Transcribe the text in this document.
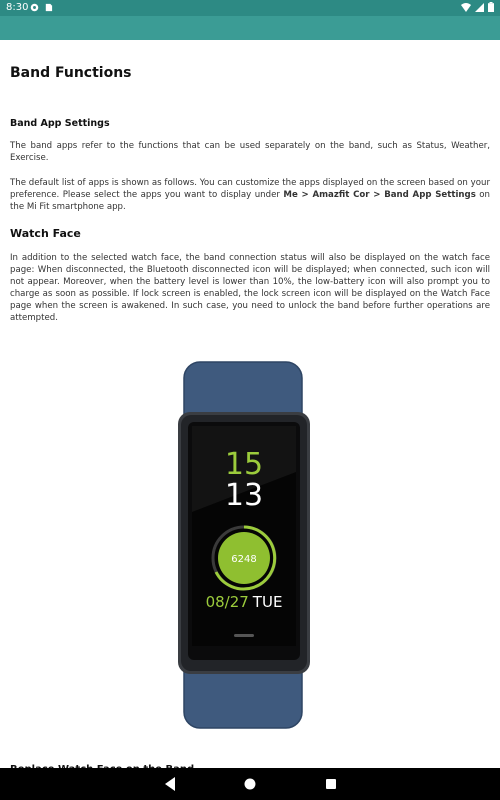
8:30
Band Functions
Band App Settings
The band apps refer to the functions that can be used separately on the band, such as Status, Weather, Exercise.
The default list of apps is shown as follows. You can customize the apps displayed on the screen based on your preference. Please select the apps you want to display under Me > Amazfit Cor > Band App Settings on the Mi Fit smartphone app.
Watch Face
In addition to the selected watch face, the band connection status will also be displayed on the watch face page: When disconnected, the Bluetooth disconnected icon will be displayed; when connected, such icon will not appear. Moreover, when the battery level is lower than 10%, the low-battery icon will also prompt you to charge as soon as possible. If lock screen is enabled, the lock screen icon will be displayed on the Watch Face page when the screen is awakened. In such case, you need to unlock the band before further operations are attempted.
15
13
6248
08/27 TUE
